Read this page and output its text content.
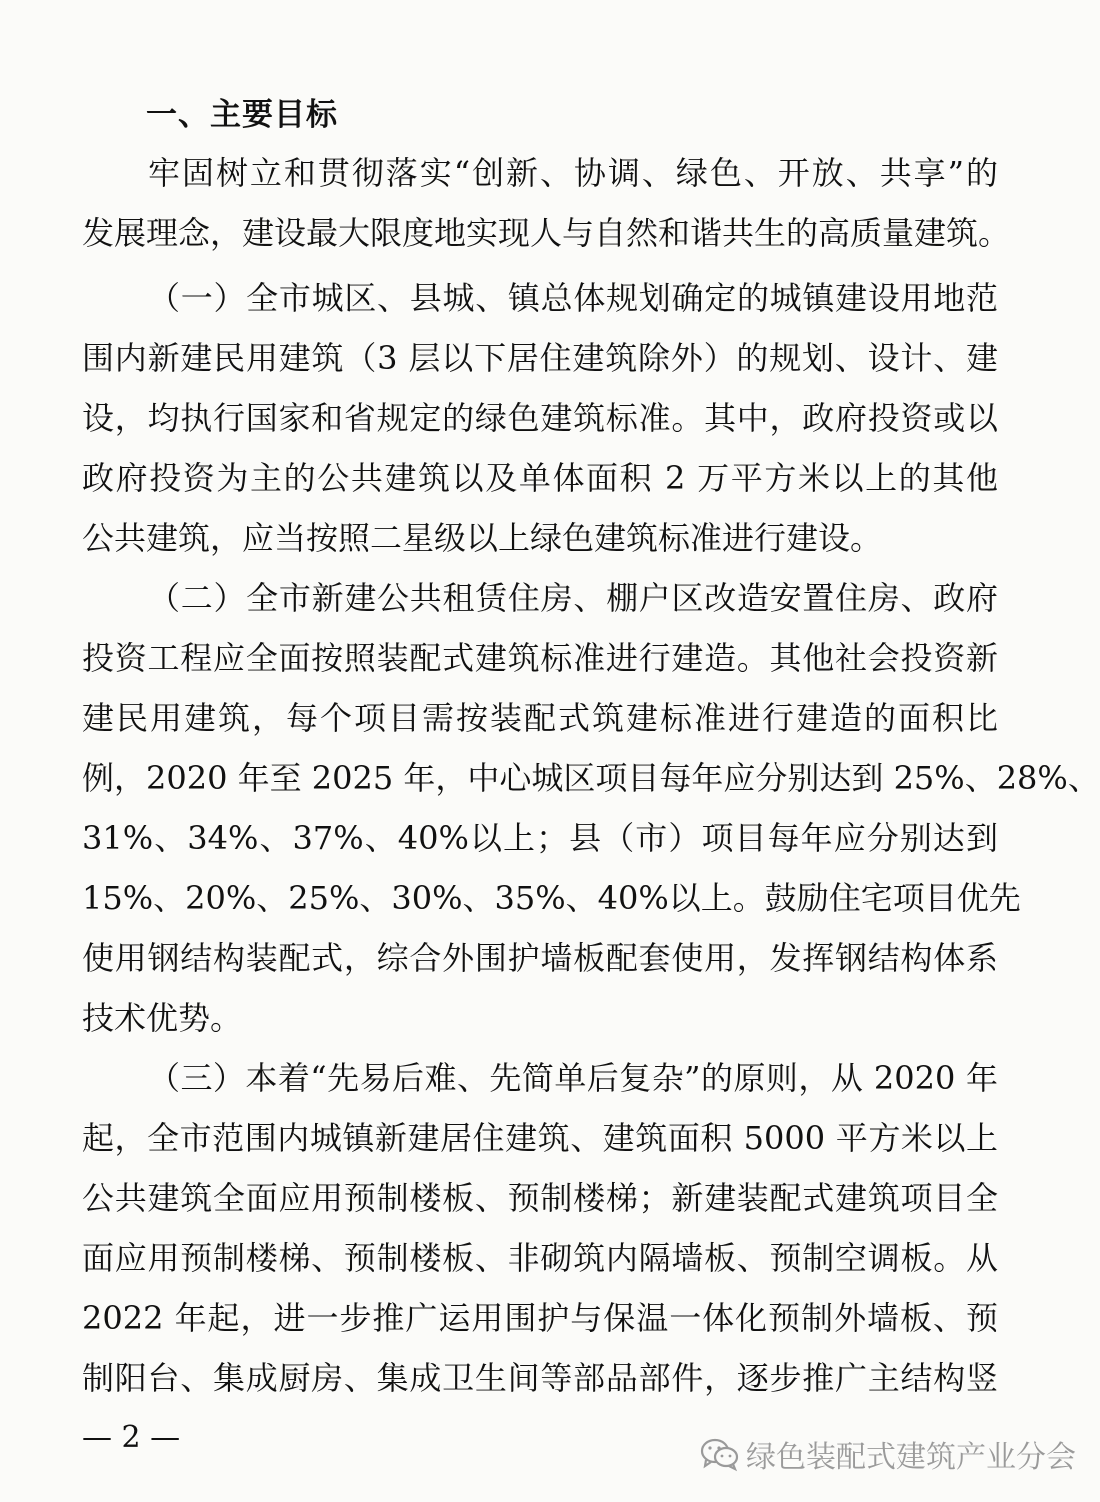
一、主要目标
牢固树立和贯彻落实“创新、协调、绿色、开放、共享”的
发展理念，建设最大限度地实现人与自然和谐共生的高质量建筑。
（一）全市城区、县城、镇总体规划确定的城镇建设用地范
围内新建民用建筑（3 层以下居住建筑除外）的规划、设计、建
设，均执行国家和省规定的绿色建筑标准。其中，政府投资或以
政府投资为主的公共建筑以及单体面积 2 万平方米以上的其他
公共建筑，应当按照二星级以上绿色建筑标准进行建设。
（二）全市新建公共租赁住房、棚户区改造安置住房、政府
投资工程应全面按照装配式建筑标准进行建造。其他社会投资新
建民用建筑，每个项目需按装配式筑建标准进行建造的面积比
例，2020 年至 2025 年，中心城区项目每年应分别达到 25%、28%、
31%、34%、37%、40%以上；县（市）项目每年应分别达到
15%、20%、25%、30%、35%、40%以上。鼓励住宅项目优先
使用钢结构装配式，综合外围护墙板配套使用，发挥钢结构体系
技术优势。
（三）本着“先易后难、先简单后复杂”的原则，从 2020 年
起，全市范围内城镇新建居住建筑、建筑面积 5000 平方米以上
公共建筑全面应用预制楼板、预制楼梯；新建装配式建筑项目全
面应用预制楼梯、预制楼板、非砌筑内隔墙板、预制空调板。从
2022 年起，进一步推广运用围护与保温一体化预制外墙板、预
制阳台、集成厨房、集成卫生间等部品部件，逐步推广主结构竖
— 2 —
绿色装配式建筑产业分会
